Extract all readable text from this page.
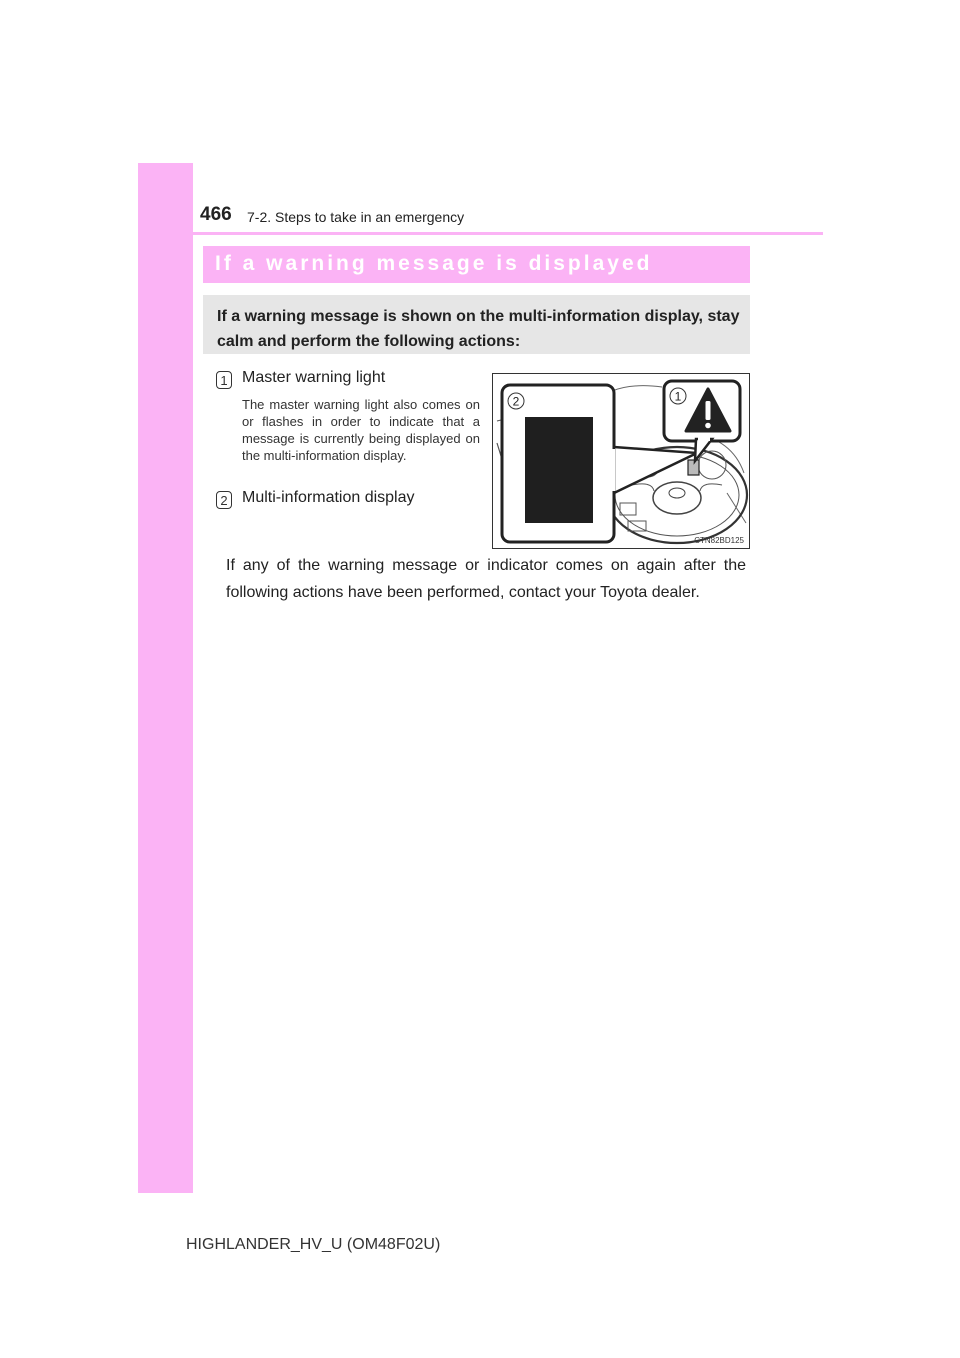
466 7-2. Steps to take in an emergency
If a warning message is displayed
If a warning message is shown on the multi-information display, stay calm and perform the following actions:
1 Master warning light
The master warning light also comes on or flashes in order to indicate that a message is currently being displayed on the multi-information display.
2 Multi-information display
1
2
CTN82BD125
If any of the warning message or indicator comes on again after the following actions have been performed, contact your Toyota dealer.
HIGHLANDER_HV_U (OM48F02U)
